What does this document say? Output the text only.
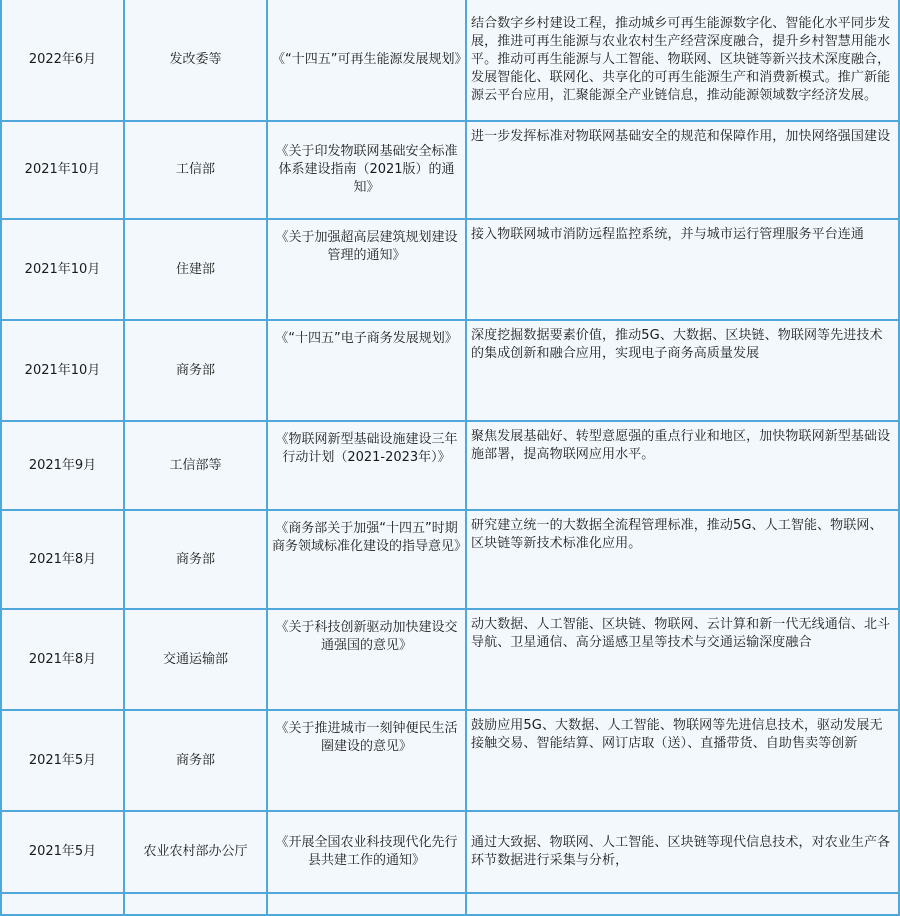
2022年6月	发改委等	《“十四五”可再生能源发展规划》	结合数字乡村建设工程，推动城乡可再生能源数字化、智能化水平同步发展，推进可再生能源与农业农村生产经营深度融合，提升乡村智慧用能水平。推动可再生能源与人工智能、物联网、区块链等新兴技术深度融合，发展智能化、联网化、共享化的可再生能源生产和消费新模式。推广新能源云平台应用，汇聚能源全产业链信息，推动能源领域数字经济发展。
2021年10月	工信部	《关于印发物联网基础安全标准体系建设指南（2021版）的通知》	进一步发挥标准对物联网基础安全的规范和保障作用，加快网络强国建设
2021年10月	住建部	《关于加强超高层建筑规划建设管理的通知》	接入物联网城市消防远程监控系统，并与城市运行管理服务平台连通
2021年10月	商务部	《“十四五”电子商务发展规划》	深度挖掘数据要素价值，推动5G、大数据、区块链、物联网等先进技术的集成创新和融合应用，实现电子商务高质量发展
2021年9月	工信部等	《物联网新型基础设施建设三年行动计划（2021-2023年）》	聚焦发展基础好、转型意愿强的重点行业和地区，加快物联网新型基础设施部署，提高物联网应用水平。
2021年8月	商务部	《商务部关于加强“十四五”时期商务领域标准化建设的指导意见》	研究建立统一的大数据全流程管理标准，推动5G、人工智能、物联网、区块链等新技术标准化应用。
2021年8月	交通运输部	《关于科技创新驱动加快建设交通强国的意见》	动大数据、人工智能、区块链、物联网、云计算和新一代无线通信、北斗导航、卫星通信、高分遥感卫星等技术与交通运输深度融合
2021年5月	商务部	《关于推进城市一刻钟便民生活圈建设的意见》	鼓励应用5G、大数据、人工智能、物联网等先进信息技术，驱动发展无接触交易、智能结算、网订店取（送）、直播带货、自助售卖等创新
2021年5月	农业农村部办公厅	《开展全国农业科技现代化先行县共建工作的通知》	通过大致据、物联网、人工智能、区块链等现代信息技术，对农业生产各环节数据进行采集与分析，
